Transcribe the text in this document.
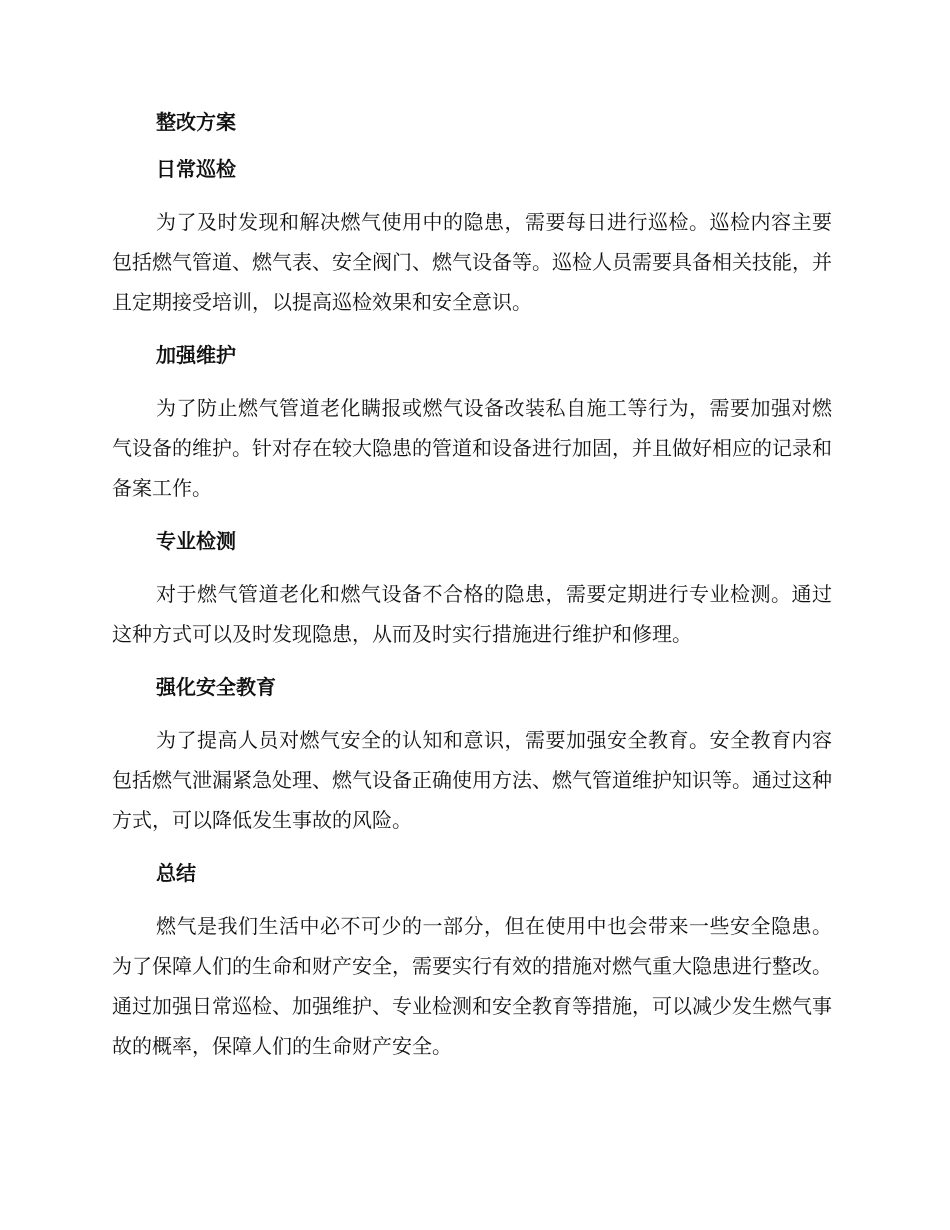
整改方案
日常巡检

为了及时发现和解决燃气使用中的隐患，需要每日进行巡检。巡检内容主要包括燃气管道、燃气表、安全阀门、燃气设备等。巡检人员需要具备相关技能，并且定期接受培训，以提高巡检效果和安全意识。

加强维护

为了防止燃气管道老化瞒报或燃气设备改装私自施工等行为，需要加强对燃气设备的维护。针对存在较大隐患的管道和设备进行加固，并且做好相应的记录和备案工作。

专业检测

对于燃气管道老化和燃气设备不合格的隐患，需要定期进行专业检测。通过这种方式可以及时发现隐患，从而及时实行措施进行维护和修理。

强化安全教育

为了提高人员对燃气安全的认知和意识，需要加强安全教育。安全教育内容包括燃气泄漏紧急处理、燃气设备正确使用方法、燃气管道维护知识等。通过这种方式，可以降低发生事故的风险。

总结

燃气是我们生活中必不可少的一部分，但在使用中也会带来一些安全隐患。为了保障人们的生命和财产安全，需要实行有效的措施对燃气重大隐患进行整改。通过加强日常巡检、加强维护、专业检测和安全教育等措施，可以减少发生燃气事故的概率，保障人们的生命财产安全。
